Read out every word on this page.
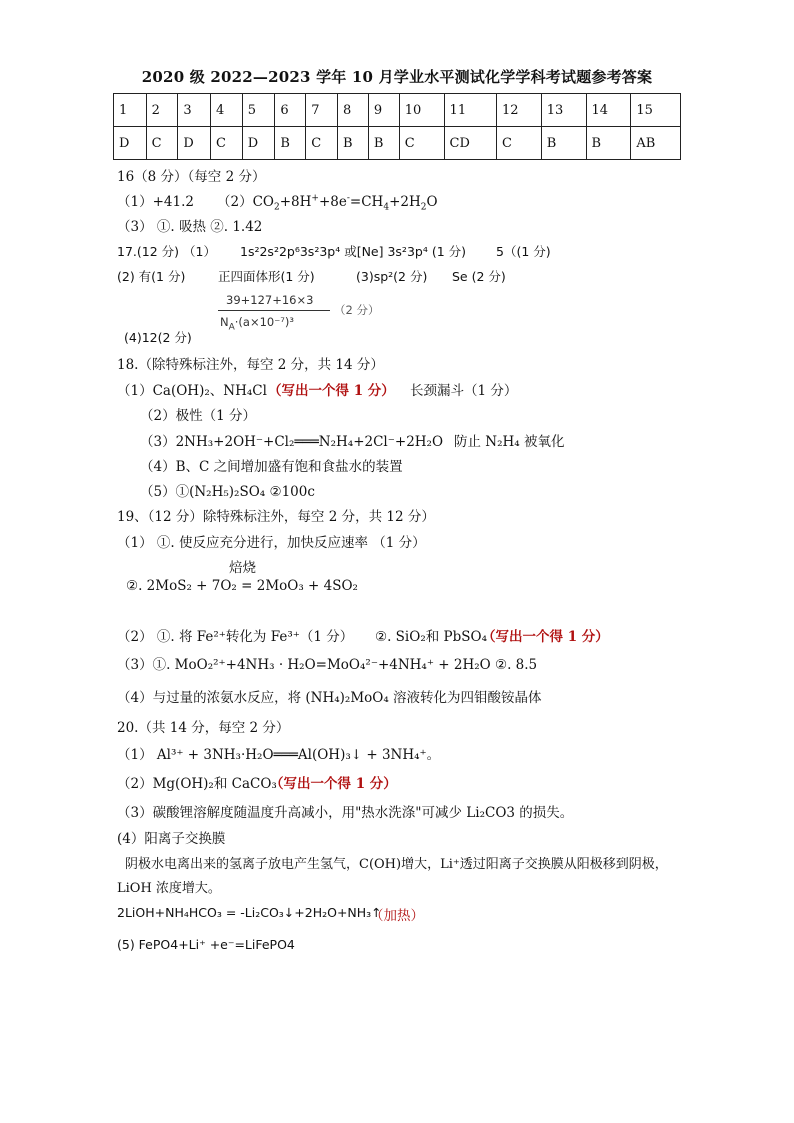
2020 级 2022—2023 学年 10 月学业水平测试化学学科考试题参考答案
1	2	3	4	5	6	7	8	9	10	11	12	13	14	15
D	C	D	C	D	B	C	B	B	C	CD	C	B	B	AB
16（8 分）（每空 2 分）
（1）+41.2 $(2)CO_2+8H^++8e^-=CH_4+2H_2O$
（3） ①. 吸热 ②. 1.42
17.(12 分) （1） 1s²2s²2p⁶3s²3p⁴ 或[Ne] 3s²3p⁴ (1 分) 5（(1 分)
(2) 有(1 分)	正四面体形(1 分)	(3)sp²(2 分) Se (2 分)
39+127+16×3
$N_A\cdot(a\times 10^{-7})^3$
（2 分）
(4)12(2 分)
18.（除特殊标注外，每空 2 分，共 14 分）
（1）Ca(OH)₂、NH₄Cl （写出一个得 1 分） 长颈漏斗（1 分）
（2）极性（1 分）
（3）2NH₃+2OH⁻+Cl₂═══N₂H₄+2Cl⁻+2H₂O 防止 N₂H₄ 被氧化
（4）B、C 之间增加盛有饱和食盐水的装置
（5）①(N₂H₅)₂SO₄ ②100c
19、（12 分）除特殊标注外，每空 2 分，共 12 分）
（1） ①. 使反应充分进行，加快反应速率 （1 分）
焙烧
②. 2MoS₂ + 7O₂ = 2MoO₃ + 4SO₂
（2） ①. 将 Fe²⁺转化为 Fe³⁺（1 分） ②. SiO₂和 PbSO₄
（写出一个得 1 分）
（3）①. MoO₂²⁺+4NH₃ · H₂O=MoO₄²⁻+4NH₄⁺ + 2H₂O ②. 8.5
（4）与过量的浓氨水反应，将 (NH₄)₂MoO₄ 溶液转化为四钼酸铵晶体
20.（共 14 分，每空 2 分）
（1） Al³⁺ + 3NH₃·H₂O═══Al(OH)₃↓ + 3NH₄⁺。
（2）Mg(OH)₂和 CaCO₃
（写出一个得 1 分）
（3）碳酸锂溶解度随温度升高减小，用"热水洗涤"可减少 Li₂CO3 的损失。
(4）阳离子交换膜
阴极水电离出来的氢离子放电产生氢气，C(OH)增大，Li⁺透过阳离子交换膜从阳极移到阴极，
LiOH 浓度增大。
2LiOH+NH₄HCO₃ = -Li₂CO₃↓+2H₂O+NH₃↑
（加热）
(5) FePO4+Li⁺ +e⁻=LiFePO4
